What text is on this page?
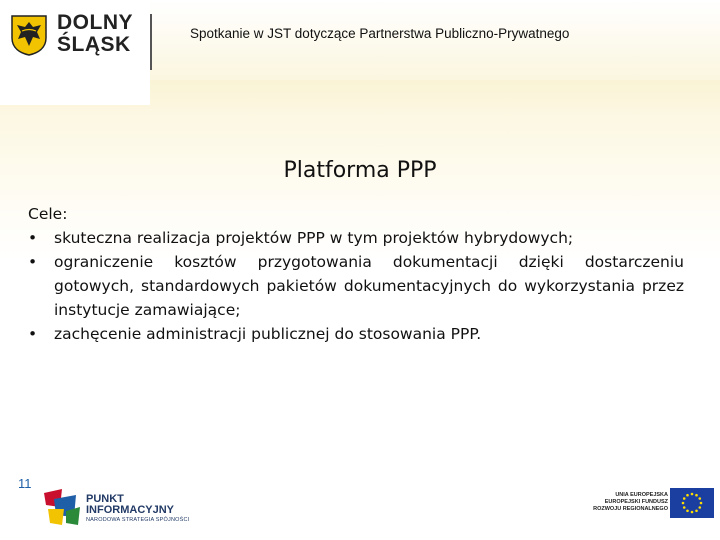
DOLNY
ŚLĄSK	Spotkanie w JST dotyczące Partnerstwa Publiczno-Prywatnego
Platforma PPP
Cele:
• skuteczna realizacja projektów PPP w tym projektów hybrydowych;
• ograniczenie kosztów przygotowania dokumentacji dzięki dostarczeniu gotowych, standardowych pakietów dokumentacyjnych do wykorzystania przez instytucje zamawiające;
• zachęcenie administracji publicznej do stosowania PPP.
11
PUNKT
INFORMACYJNY
NARODOWA STRATEGIA SPÓJNOŚCI
UNIA EUROPEJSKA
EUROPEJSKI FUNDUSZ
ROZWOJU REGIONALNEGO
